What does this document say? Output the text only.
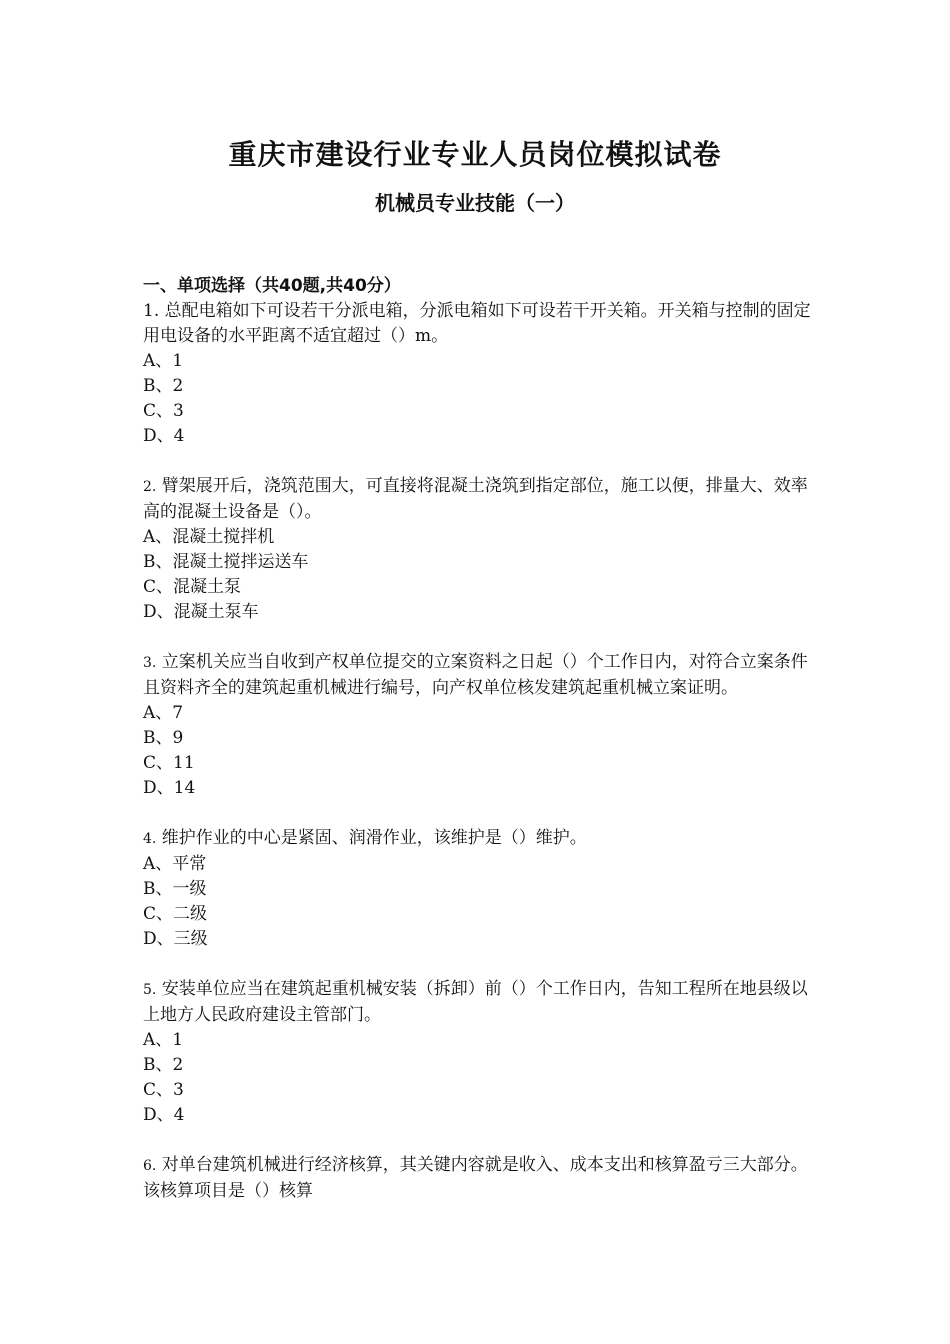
重庆市建设行业专业人员岗位模拟试卷
机械员专业技能（一）
一、单项选择（共40题,共40分）
1. 总配电箱如下可设若干分派电箱，分派电箱如下可设若干开关箱。开关箱与控制的固定用电设备的水平距离不适宜超过（）m。
A、1
B、2
C、3
D、4
2. 臂架展开后，浇筑范围大，可直接将混凝土浇筑到指定部位，施工以便，排量大、效率高的混凝土设备是（）。
A、混凝土搅拌机
B、混凝土搅拌运送车
C、混凝土泵
D、混凝土泵车
3. 立案机关应当自收到产权单位提交的立案资料之日起（）个工作日内，对符合立案条件且资料齐全的建筑起重机械进行编号，向产权单位核发建筑起重机械立案证明。
A、7
B、9
C、11
D、14
4. 维护作业的中心是紧固、润滑作业，该维护是（）维护。
A、平常
B、一级
C、二级
D、三级
5. 安装单位应当在建筑起重机械安装（拆卸）前（）个工作日内，告知工程所在地县级以上地方人民政府建设主管部门。
A、1
B、2
C、3
D、4
6. 对单台建筑机械进行经济核算，其关键内容就是收入、成本支出和核算盈亏三大部分。该核算项目是（）核算
